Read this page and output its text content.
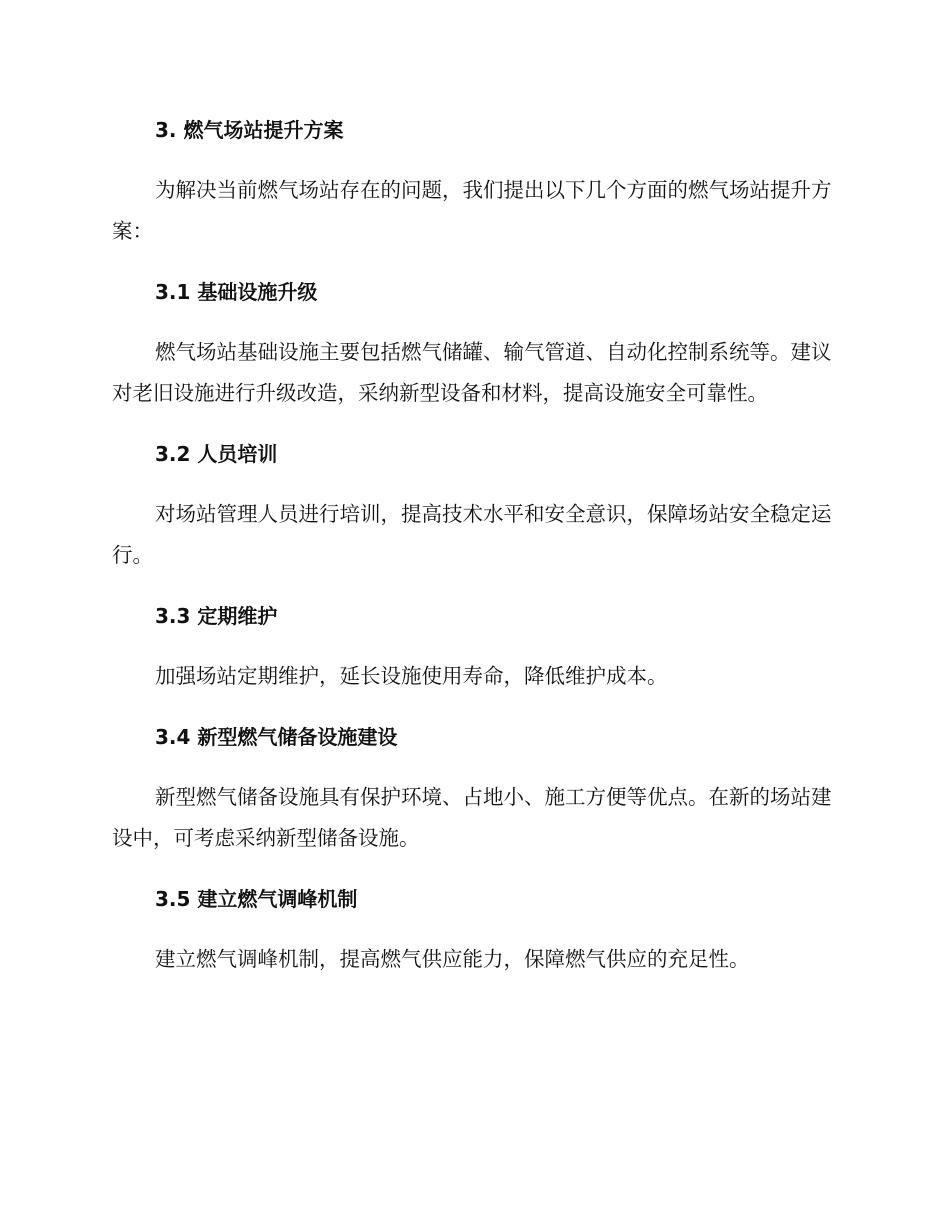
3. 燃气场站提升方案

为解决当前燃气场站存在的问题，我们提出以下几个方面的燃气场站提升方案：

3.1 基础设施升级

燃气场站基础设施主要包括燃气储罐、输气管道、自动化控制系统等。建议对老旧设施进行升级改造，采纳新型设备和材料，提高设施安全可靠性。

3.2 人员培训

对场站管理人员进行培训，提高技术水平和安全意识，保障场站安全稳定运行。

3.3 定期维护

加强场站定期维护，延长设施使用寿命，降低维护成本。

3.4 新型燃气储备设施建设

新型燃气储备设施具有保护环境、占地小、施工方便等优点。在新的场站建设中，可考虑采纳新型储备设施。

3.5 建立燃气调峰机制

建立燃气调峰机制，提高燃气供应能力，保障燃气供应的充足性。
